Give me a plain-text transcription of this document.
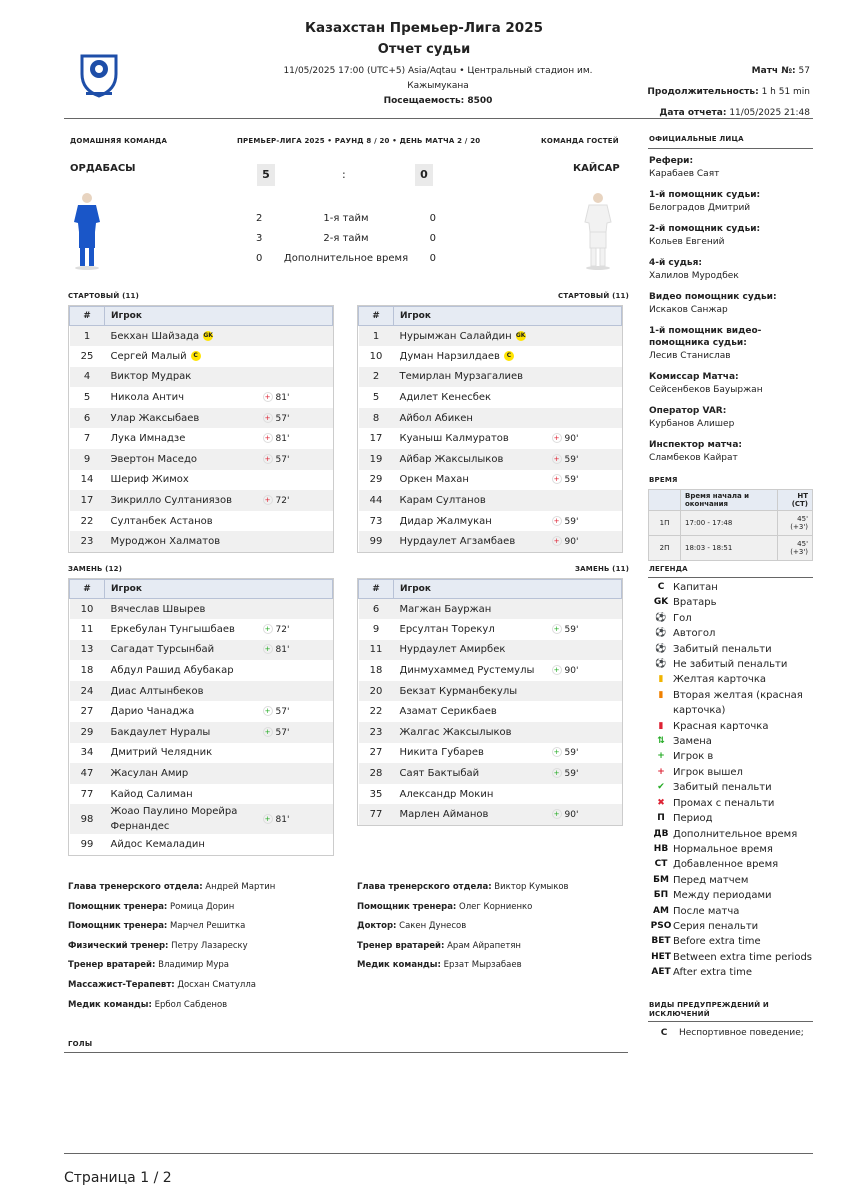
Казахстан Премьер-Лига 2025
Отчет судьи
11/05/2025 17:00 (UTC+5) Asia/Aqtau • Центральный стадион им. Кажымукана
Посещаемость: 8500
Матч №: 57
Продолжительность: 1 h 51 min
Дата отчета: 11/05/2025 21:48
ДОМАШНЯЯ КОМАНДА	ПРЕМЬЕР-ЛИГА 2025 • РАУНД 8 / 20 • ДЕНЬ МАТЧА 2 / 20	КОМАНДА ГОСТЕЙ
ОРДАБАСЫ	КАЙСАР
5	:	0
2	1-я тайм	0
3	2-я тайм	0
0	Дополнительное время	0
СТАРТОВЫЙ (11)	СТАРТОВЫЙ (11)
#	Игрок	
1	Бекхан Шайзада GK	
25	Сергей Малый C	
4	Виктор Мудрак	
5	Никола Антич	+ 81'
6	Улар Жаксыбаев	+ 57'
7	Лука Имнадзе	+ 81'
9	Эвертон Маседо	+ 57'
14	Шериф Жимох	
17	Зикрилло Султаниязов	+ 72'
22	Султанбек Астанов	
23	Муроджон Халматов	
#	Игрок	
1	Нурымжан Салайдин GK	
10	Думан Нарзилдаев C	
2	Темирлан Мурзагалиев	
5	Адилет Кенесбек	
8	Айбол Абикен	
17	Куаныш Калмуратов	+ 90'
19	Айбар Жаксылыков	+ 59'
29	Оркен Махан	+ 59'
44	Карам Султанов	
73	Дидар Жалмукан	+ 59'
99	Нурдаулет Агзамбаев	+ 90'
ЗАМЕНЬ (12)	ЗАМЕНЬ (11)
#	Игрок	
10	Вячеслав Швырев	
11	Еркебулан Тунгышбаев	+ 72'
13	Сагадат Турсынбай	+ 81'
18	Абдул Рашид Абубакар	
24	Диас Алтынбеков	
27	Дарио Чанаджа	+ 57'
29	Бакдаулет Нуралы	+ 57'
34	Дмитрий Челядник	
47	Жасулан Амир	
77	Кайод Салиман	
98	Жоао Паулино Морейра Фернандес	+ 81'
99	Айдос Кемаладин	
#	Игрок	
6	Магжан Бауржан	
9	Ерсултан Торекул	+ 59'
11	Нурдаулет Амирбек	
18	Динмухаммед Рустемулы	+ 90'
20	Бекзат Курманбекулы	
22	Азамат Серикбаев	
23	Жалгас Жаксылыков	
27	Никита Губарев	+ 59'
28	Саят Бактыбай	+ 59'
35	Александр Мокин	
77	Марлен Айманов	+ 90'
Глава тренерского отдела: Андрей Мартин
Помощник тренера: Ромица Дорин
Помощник тренера: Марчел Решитка
Физический тренер: Петру Лазареску
Тренер вратарей: Владимир Мура
Массажист-Терапевт: Досхан Сматулла
Медик команды: Ербол Сабденов
Глава тренерского отдела: Виктор Кумыков
Помощник тренера: Олег Корниенко
Доктор: Сакен Дунесов
Тренер вратарей: Арам Айрапетян
Медик команды: Ерзат Мырзабаев
ГОЛЫ
ОФИЦИАЛЬНЫЕ ЛИЦА
Рефери:
Карабаев Саят
1-й помощник судьи:
Белоградов Дмитрий
2-й помощник судьи:
Кольев Евгений
4-й судья:
Халилов Муродбек
Видео помощник судьи:
Искаков Санжар
1-й помощник видео-помощника судьи:
Лесив Станислав
Комиссар Матча:
Сейсенбеков Бауыржан
Оператор VAR:
Курбанов Алишер
Инспектор матча:
Сламбеков Кайрат
ВРЕМЯ
	Время начала и окончания	HT (CT)
1П	17:00 - 17:48	45' (+3')
2П	18:03 - 18:51	45' (+3')
ЛЕГЕНДА
C Капитан
GK Вратарь
⚽ Гол
⚽ Автогол
⚽ Забитый пенальти
⚽ Не забитый пенальти
▮ Желтая карточка
▮ Вторая желтая (красная карточка)
▮ Красная карточка
⇅ Замена
+ Игрок в
+ Игрок вышел
✔ Забитый пенальти
✖ Промах с пенальти
П Период
ДВ Дополнительное время
НВ Нормальное время
СТ Добавленное время
БМ Перед матчем
БП Между периодами
АМ После матча
PSO Серия пенальти
BET Before extra time
HET Between extra time periods
AET After extra time
ВИДЫ ПРЕДУПРЕЖДЕНИЙ И ИСКЛЮЧЕНИЙ
C	Неспортивное поведение;
Страница 1 / 2
